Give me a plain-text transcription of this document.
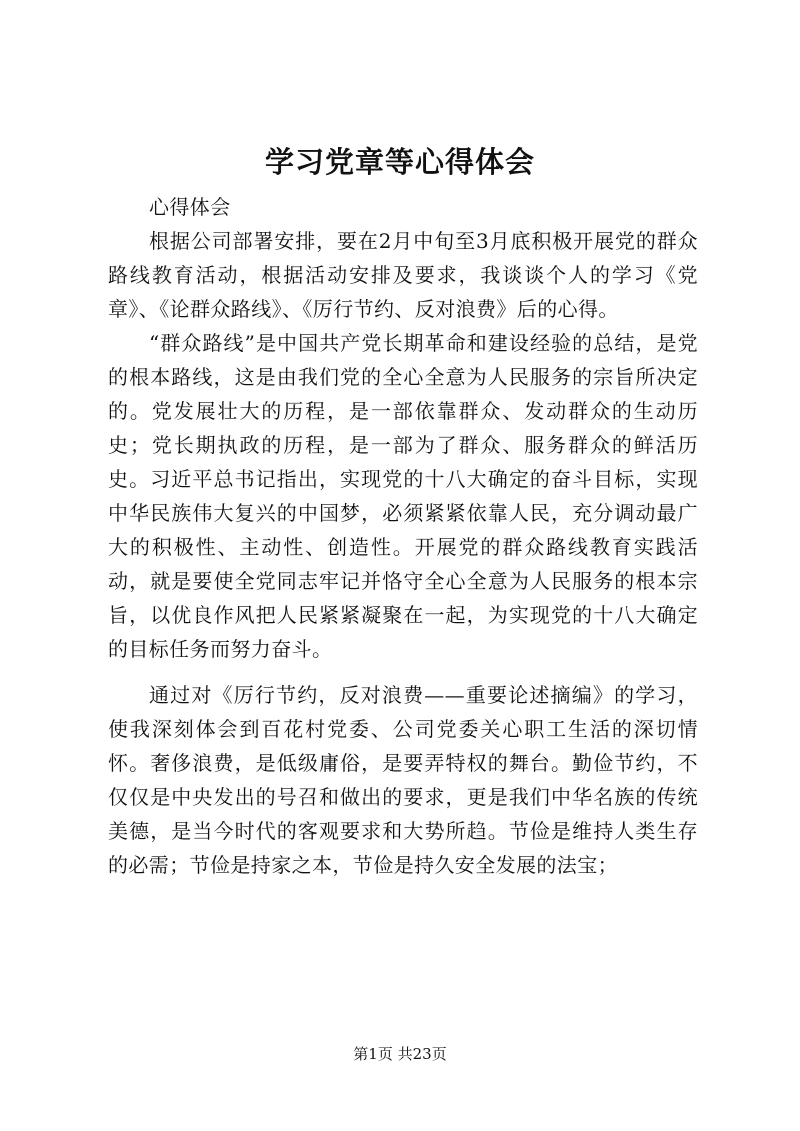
学习党章等心得体会

心得体会

根据公司部署安排，要在2月中旬至3月底积极开展党的群众路线教育活动，根据活动安排及要求，我谈谈个人的学习《党章》、《论群众路线》、《厉行节约、反对浪费》后的心得。

“群众路线”是中国共产党长期革命和建设经验的总结，是党的根本路线，这是由我们党的全心全意为人民服务的宗旨所决定的。党发展壮大的历程，是一部依靠群众、发动群众的生动历史；党长期执政的历程，是一部为了群众、服务群众的鲜活历史。习近平总书记指出，实现党的十八大确定的奋斗目标，实现中华民族伟大复兴的中国梦，必须紧紧依靠人民，充分调动最广大的积极性、主动性、创造性。开展党的群众路线教育实践活动，就是要使全党同志牢记并恪守全心全意为人民服务的根本宗旨，以优良作风把人民紧紧凝聚在一起，为实现党的十八大确定的目标任务而努力奋斗。

通过对《厉行节约，反对浪费——重要论述摘编》的学习，使我深刻体会到百花村党委、公司党委关心职工生活的深切情怀。奢侈浪费，是低级庸俗，是要弄特权的舞台。勤俭节约，不仅仅是中央发出的号召和做出的要求，更是我们中华名族的传统美德，是当今时代的客观要求和大势所趋。节俭是维持人类生存的必需；节俭是持家之本，节俭是持久安全发展的法宝；

第1页 共23页
